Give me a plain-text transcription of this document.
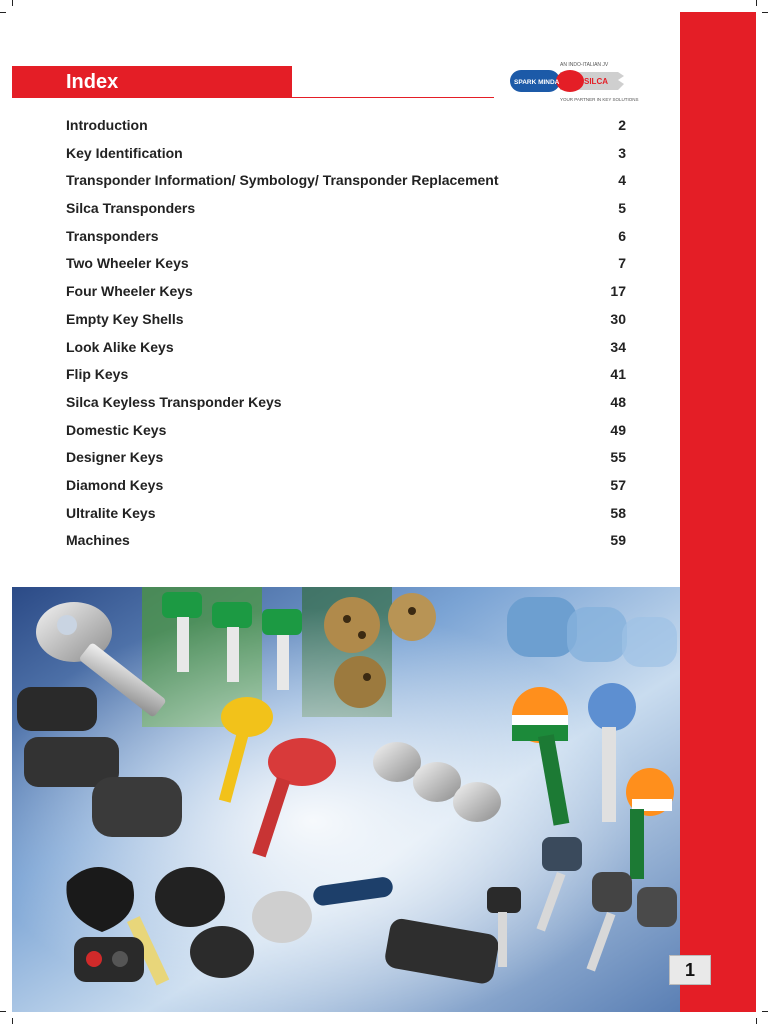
Index
AN INDO-ITALIAN JV
SPARK MINDA	SILCA
YOUR PARTNER IN KEY SOLUTIONS
Introduction	2
Key Identification	3
Transponder Information/ Symbology/ Transponder Replacement	4
Silca Transponders	5
Transponders	6
Two Wheeler Keys	7
Four Wheeler Keys	17
Empty Key Shells	30
Look Alike Keys	34
Flip Keys	41
Silca Keyless Transponder Keys	48
Domestic Keys	49
Designer Keys	55
Diamond Keys	57
Ultralite Keys	58
Machines	59
1
